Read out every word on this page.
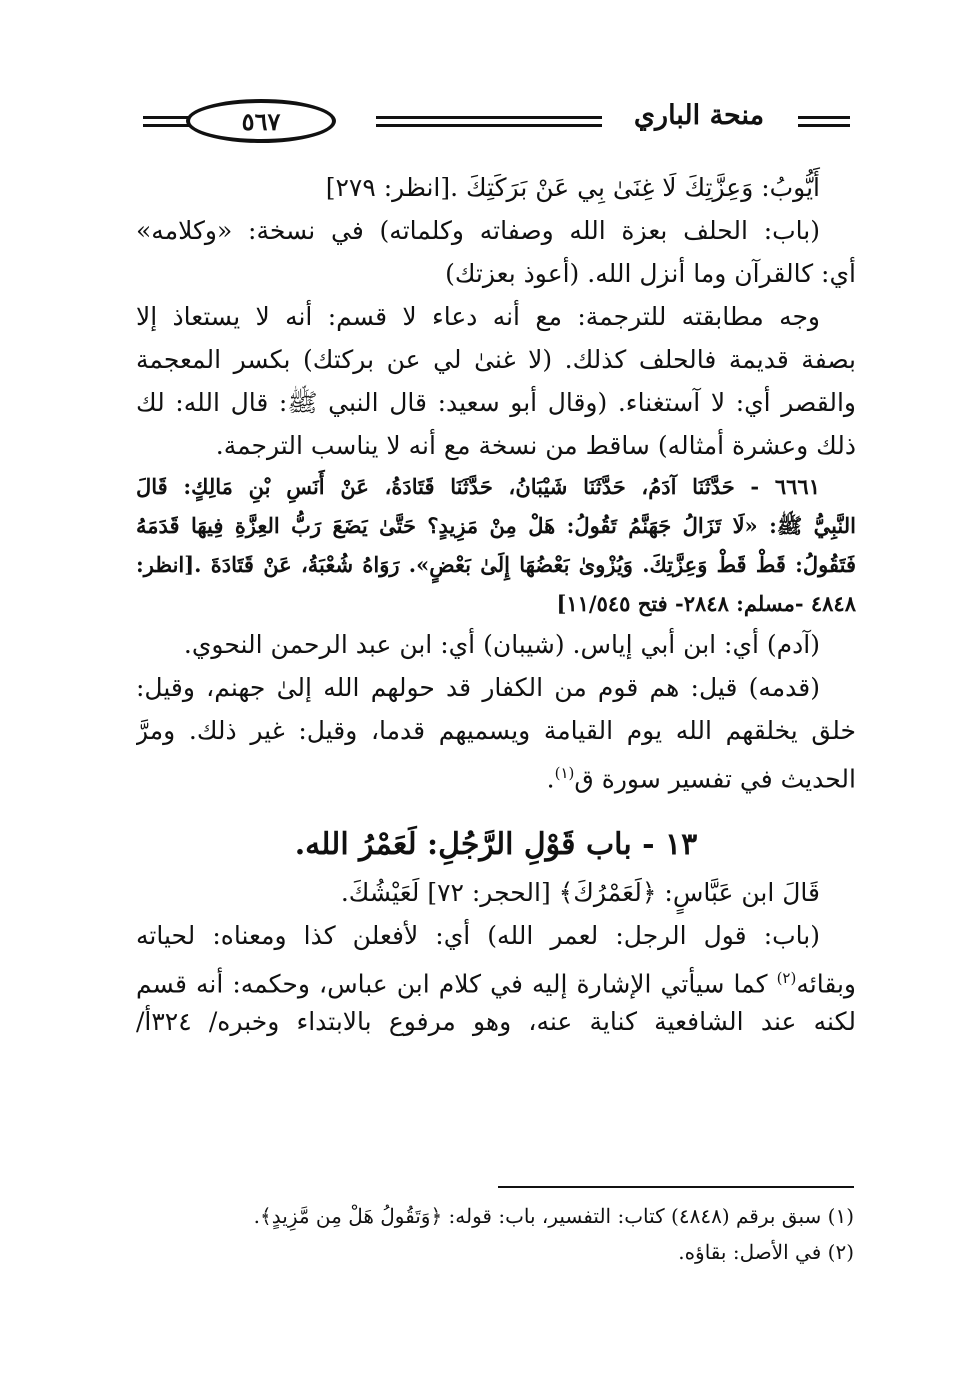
٥٦٧	منحة الباري
أَيُّوبُ: وَعِزَّتِكَ لَا غِنَىٰ بِي عَنْ بَرَكَتِكَ .[انظر: ٢٧٩]
(باب: الحلف بعزة الله وصفاته وكلماته) في نسخة: «وكلامه»
أي: كالقرآن وما أنزل الله. (أعوذ بعزتك)
وجه مطابقته للترجمة: مع أنه دعاء لا قسم: أنه لا يستعاذ إلا
بصفة قديمة فالحلف كذلك. (لا غنىٰ لي عن بركتك) بكسر المعجمة
والقصر أي: لا آستغناء. (وقال أبو سعيد: قال النبي ﷺ: قال الله: لك
ذلك وعشرة أمثاله) ساقط من نسخة مع أنه لا يناسب الترجمة.
٦٦٦١ - حَدَّثَنَا آدَمُ، حَدَّثَنَا شَيْبَانُ، حَدَّثَنَا قَتَادَةُ، عَنْ أَنَسِ بْنِ مَالِكٍ: قَالَ
النَّبِيُّ ﷺ: «لَا تَزَالُ جَهَنَّمُ تَقُولُ: هَلْ مِنْ مَزِيدٍ؟ حَتَّىٰ يَضَعَ رَبُّ العِزَّةِ فِيهَا قَدَمَهُ
فَتَقُولُ: قَطْ قَطْ وَعِزَّتِكَ. وَيُزْوىٰ بَعْضُهَا إِلَىٰ بَعْضٍ». رَوَاهُ شُعْبَةُ، عَنْ قَتَادَةَ .[انظر:
٤٨٤٨ -مسلم: ٢٨٤٨- فتح ١١/٥٤٥]
(آدم) أي: ابن أبي إياس. (شيبان) أي: ابن عبد الرحمن النحوي.
(قدمه) قيل: هم قوم من الكفار قد حولهم الله إلىٰ جهنم، وقيل:
خلق يخلقهم الله يوم القيامة ويسميهم قدما، وقيل: غير ذلك. ومرَّ
الحديث في تفسير سورة ق$^{(١)}$.
١٣ - باب قَوْلِ الرَّجُلِ: لَعَمْرُ الله.
قَالَ ابن عَبَّاسٍ: ﴿لَعَمْرُكَ﴾ [الحجر: ٧٢] لَعَيْشُكَ.
(باب: قول الرجل: لعمر الله) أي: لأفعلن كذا ومعناه: لحياته
وبقائه$^{(٢)}$ كما سيأتي الإشارة إليه في كلام ابن عباس، وحكمه: أنه قسم
لكنه عند الشافعية كناية عنه، وهو مرفوع بالابتداء وخبره/ ٣٢٤أ/
(١) سبق برقم (٤٨٤٨) كتاب: التفسير، باب: قوله: ﴿وَتَقُولُ هَلْ مِن مَّزِيدٍ﴾.
(٢) في الأصل: بقاؤه.
